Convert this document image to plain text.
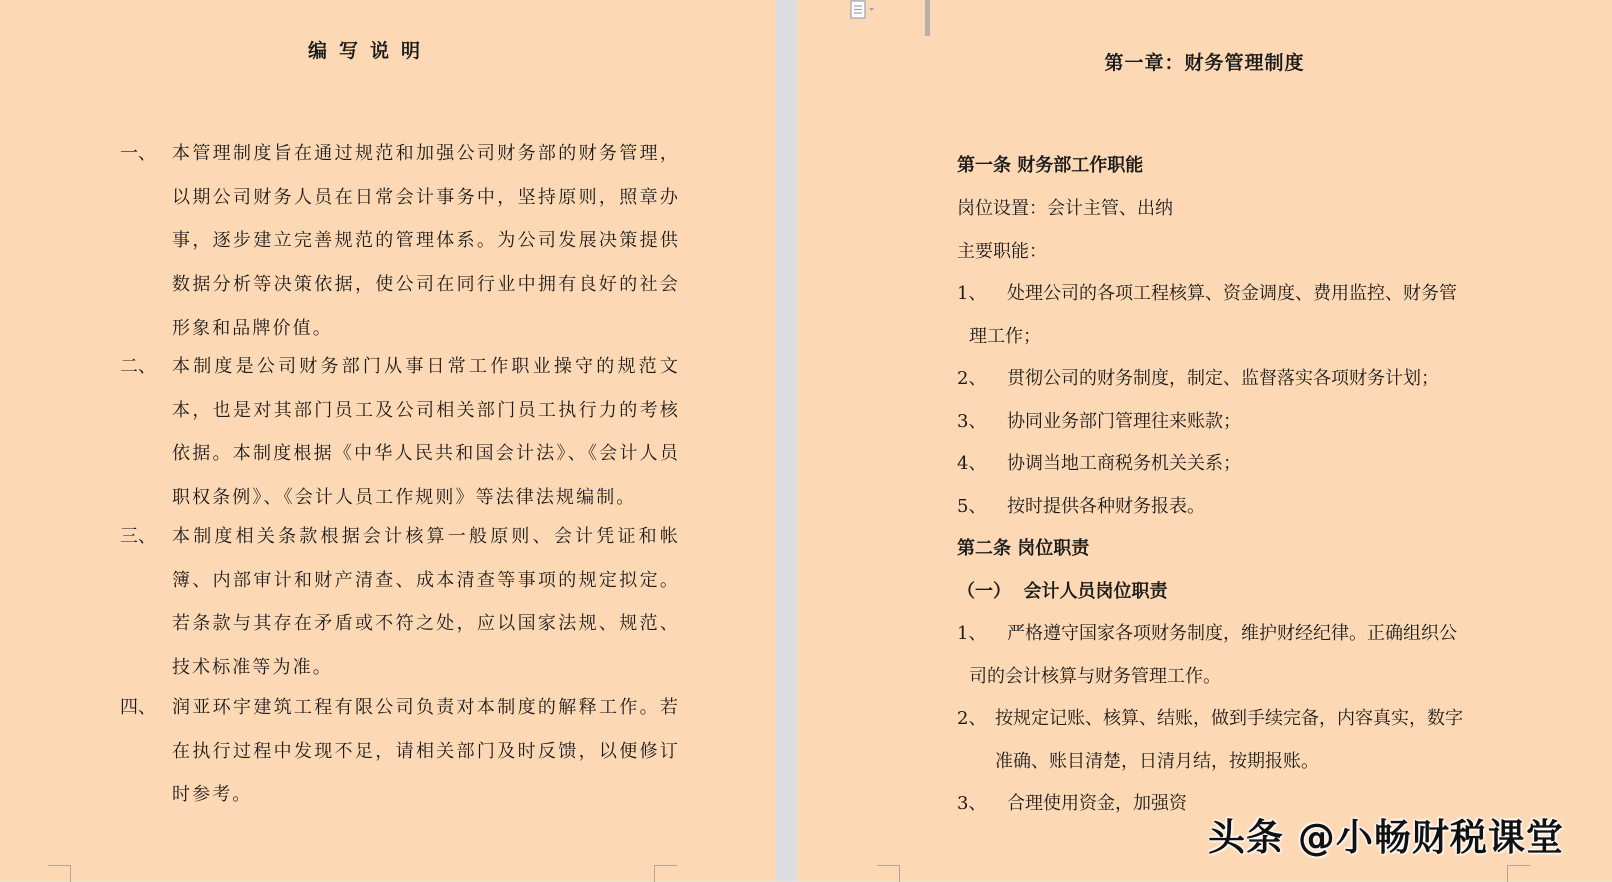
编写说明
一、 本管理制度旨在通过规范和加强公司财务部的财务管理，以期公司财务人员在日常会计事务中，坚持原则，照章办事，逐步建立完善规范的管理体系。为公司发展决策提供数据分析等决策依据，使公司在同行业中拥有良好的社会形象和品牌价值。
二、 本制度是公司财务部门从事日常工作职业操守的规范文本，也是对其部门员工及公司相关部门员工执行力的考核依据。本制度根据《中华人民共和国会计法》、《会计人员职权条例》、《会计人员工作规则》等法律法规编制。
三、 本制度相关条款根据会计核算一般原则、会计凭证和帐簿、内部审计和财产清查、成本清查等事项的规定拟定。若条款与其存在矛盾或不符之处，应以国家法规、规范、技术标准等为准。
四、 润亚环宇建筑工程有限公司负责对本制度的解释工作。若在执行过程中发现不足，请相关部门及时反馈，以便修订时参考。
第一章：财务管理制度
第一条 财务部工作职能
岗位设置：会计主管、出纳
主要职能：
1、 处理公司的各项工程核算、资金调度、费用监控、财务管
理工作；
2、 贯彻公司的财务制度，制定、监督落实各项财务计划；
3、 协同业务部门管理往来账款；
4、 协调当地工商税务机关关系；
5、 按时提供各种财务报表。
第二条 岗位职责
（一）  会计人员岗位职责
1、 严格遵守国家各项财务制度，维护财经纪律。正确组织公
司的会计核算与财务管理工作。
2、 按规定记账、核算、结账，做到手续完备，内容真实，数字
准确、账目清楚，日清月结，按期报账。
3、 合理使用资金，加强资
头条 @小畅财税课堂
